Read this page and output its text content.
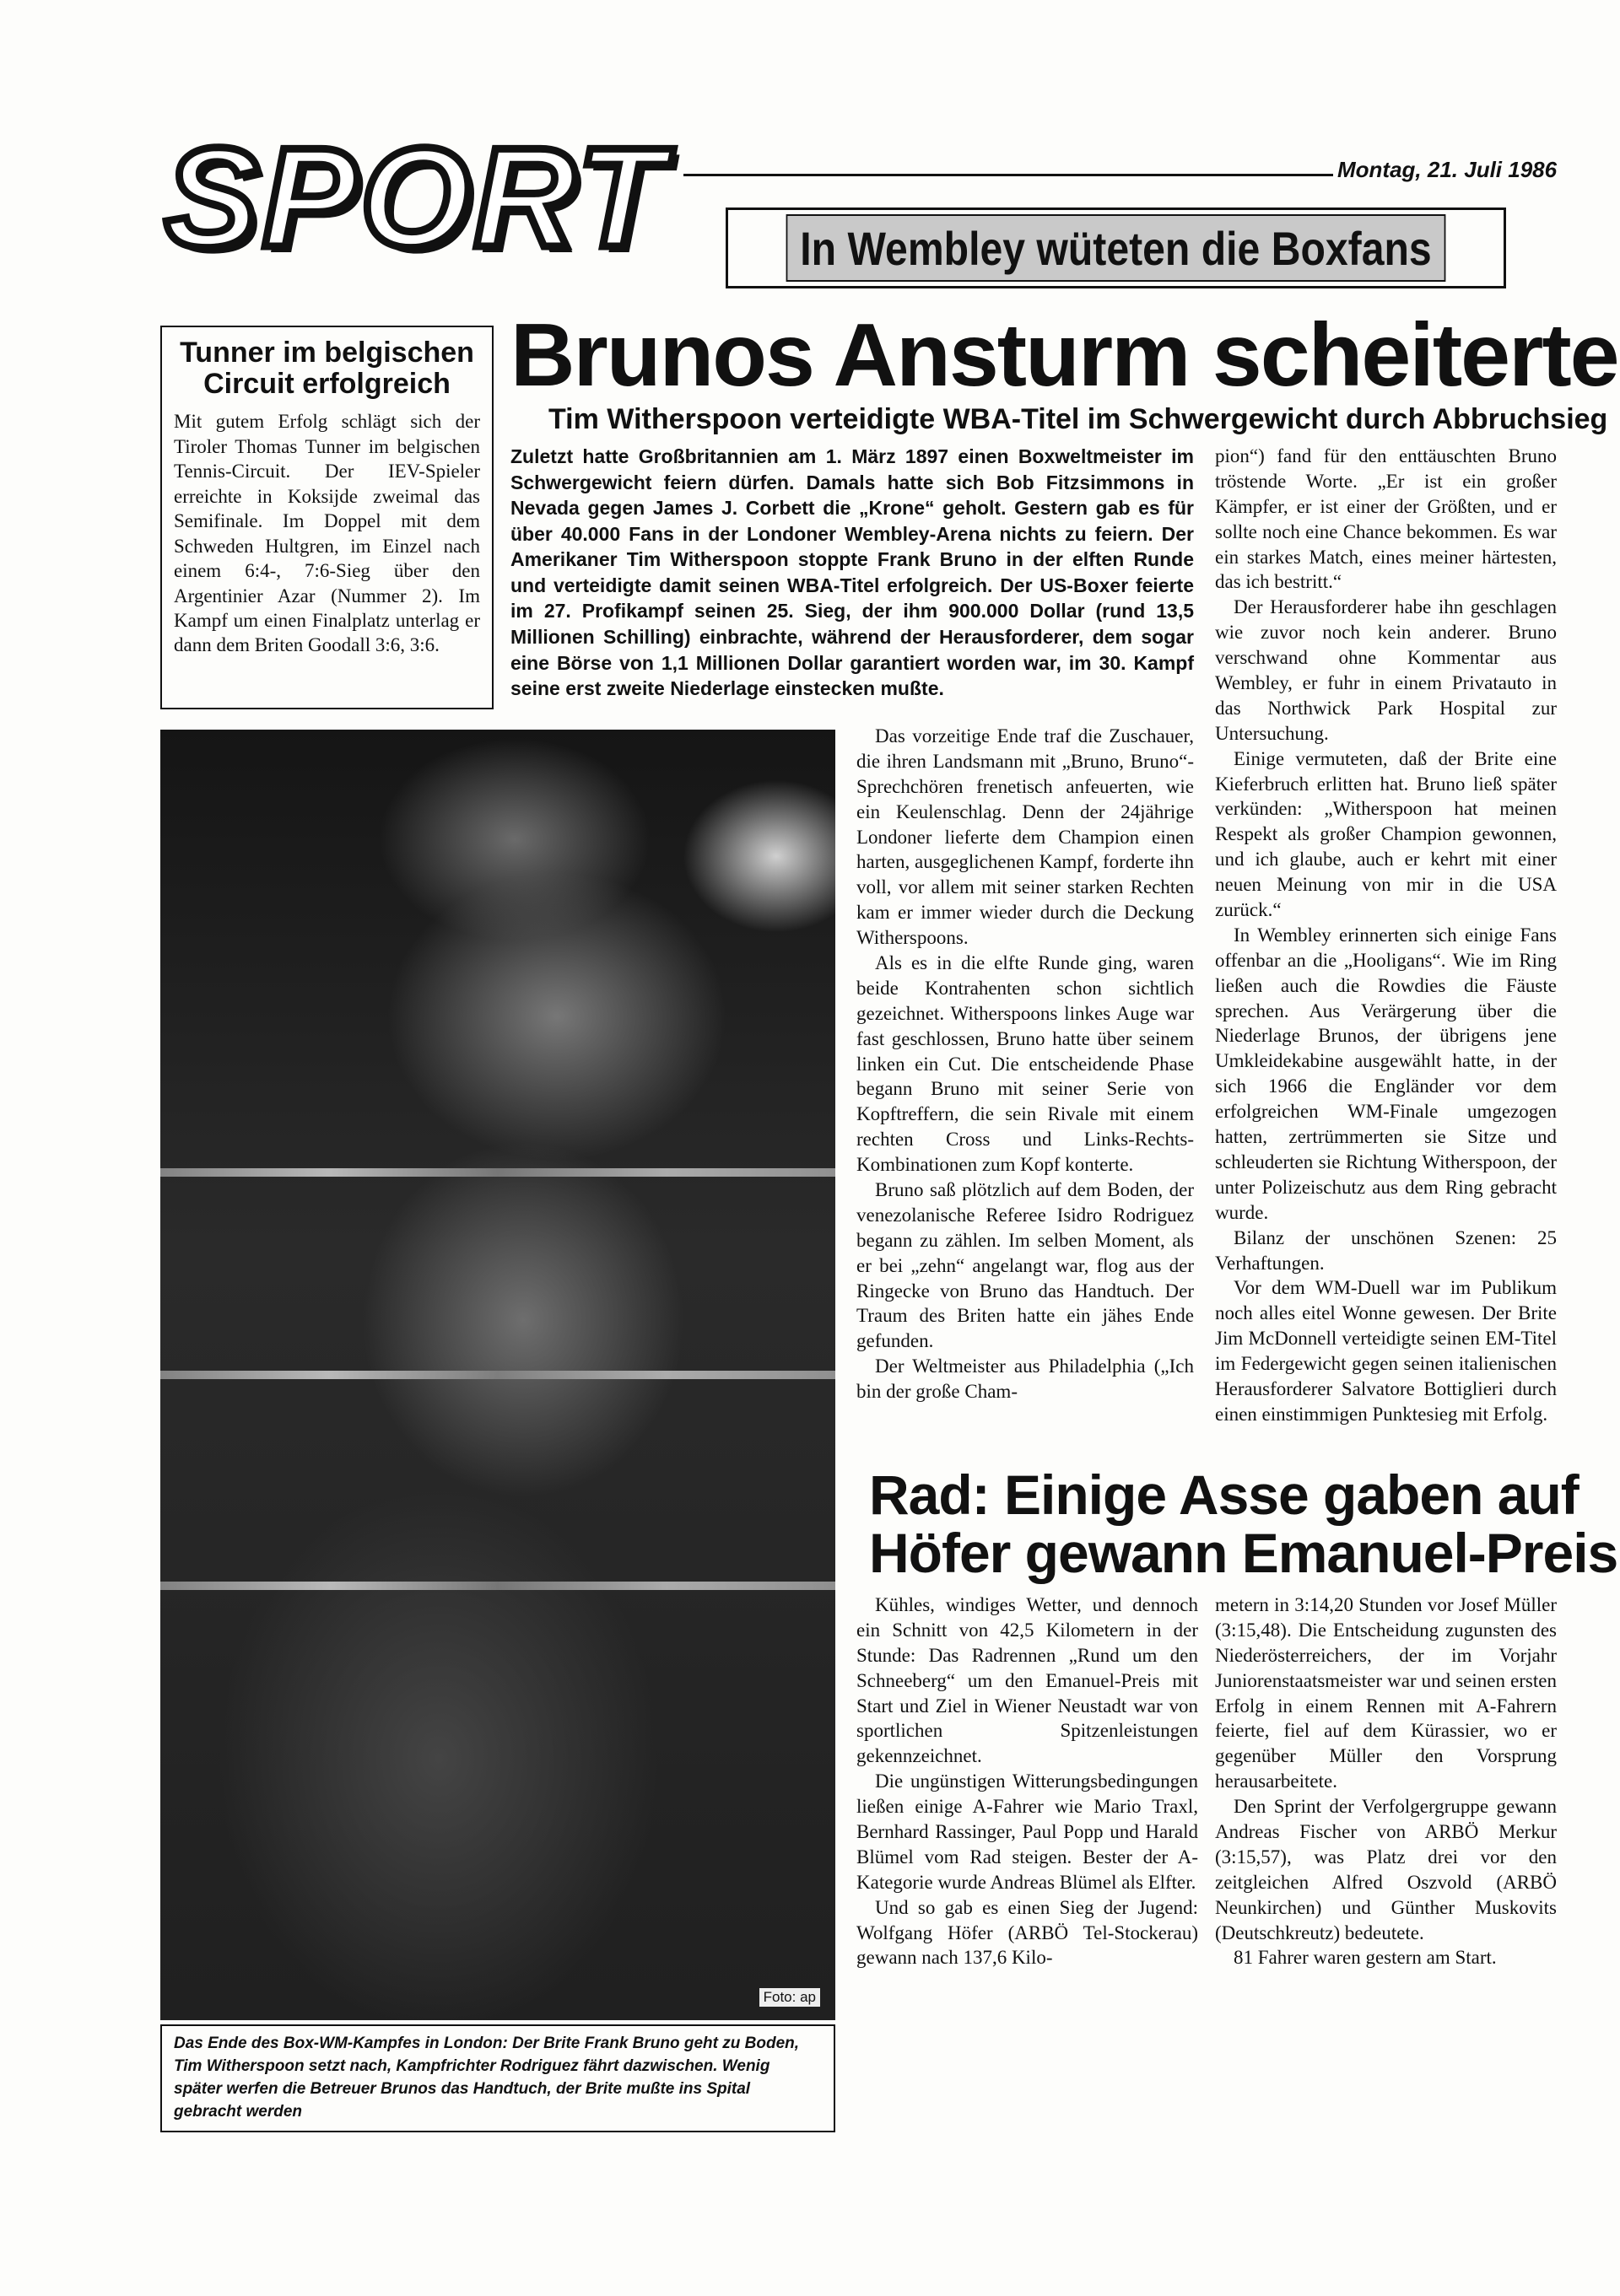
SPORT	Montag, 21. Juli 1986
In Wembley wüteten die Boxfans
Tunner im belgischen Circuit erfolgreich
Mit gutem Erfolg schlägt sich der Tiroler Thomas Tunner im belgischen Tennis-Circuit. Der IEV-Spieler erreichte in Koksijde zweimal das Semifinale. Im Doppel mit dem Schweden Hultgren, im Einzel nach einem 6:4-, 7:6-Sieg über den Argentinier Azar (Nummer 2). Im Kampf um einen Finalplatz unterlag er dann dem Briten Goodall 3:6, 3:6.
Brunos Ansturm scheiterte
Tim Witherspoon verteidigte WBA-Titel im Schwergewicht durch Abbruchsieg
Zuletzt hatte Großbritannien am 1. März 1897 einen Boxweltmeister im Schwergewicht feiern dürfen. Damals hatte sich Bob Fitzsimmons in Nevada gegen James J. Corbett die „Krone“ geholt. Gestern gab es für über 40.000 Fans in der Londoner Wembley-Arena nichts zu feiern. Der Amerikaner Tim Witherspoon stoppte Frank Bruno in der elften Runde und verteidigte damit seinen WBA-Titel erfolgreich. Der US-Boxer feierte im 27. Profikampf seinen 25. Sieg, der ihm 900.000 Dollar (rund 13,5 Millionen Schilling) einbrachte, während der Herausforderer, dem sogar eine Börse von 1,1 Millionen Dollar garantiert worden war, im 30. Kampf seine erst zweite Niederlage einstecken mußte.

Das vorzeitige Ende traf die Zuschauer, die ihren Landsmann mit „Bruno, Bruno“-Sprechchören frenetisch anfeuerten, wie ein Keulenschlag. Denn der 24jährige Londoner lieferte dem Champion einen harten, ausgeglichenen Kampf, forderte ihn voll, vor allem mit seiner starken Rechten kam er immer wieder durch die Deckung Witherspoons.

Als es in die elfte Runde ging, waren beide Kontrahenten schon sichtlich gezeichnet. Witherspoons linkes Auge war fast geschlossen, Bruno hatte über seinem linken ein Cut. Die entscheidende Phase begann Bruno mit seiner Serie von Kopftreffern, die sein Rivale mit einem rechten Cross und Links-Rechts-Kombinationen zum Kopf konterte.

Bruno saß plötzlich auf dem Boden, der venezolanische Referee Isidro Rodriguez begann zu zählen. Im selben Moment, als er bei „zehn“ angelangt war, flog aus der Ringecke von Bruno das Handtuch. Der Traum des Briten hatte ein jähes Ende gefunden.

Der Weltmeister aus Philadelphia („Ich bin der große Cham-

pion“) fand für den enttäuschten Bruno tröstende Worte. „Er ist ein großer Kämpfer, er ist einer der Größten, und er sollte noch eine Chance bekommen. Es war ein starkes Match, eines meiner härtesten, das ich bestritt.“

Der Herausforderer habe ihn geschlagen wie zuvor noch kein anderer. Bruno verschwand ohne Kommentar aus Wembley, er fuhr in einem Privatauto in das Northwick Park Hospital zur Untersuchung.

Einige vermuteten, daß der Brite eine Kieferbruch erlitten hat. Bruno ließ später verkünden: „Witherspoon hat meinen Respekt als großer Champion gewonnen, und ich glaube, auch er kehrt mit einer neuen Meinung von mir in die USA zurück.“

In Wembley erinnerten sich einige Fans offenbar an die „Hooligans“. Wie im Ring ließen auch die Rowdies die Fäuste sprechen. Aus Verärgerung über die Niederlage Brunos, der übrigens jene Umkleidekabine ausgewählt hatte, in der sich 1966 die Engländer vor dem erfolgreichen WM-Finale umgezogen hatten, zertrümmerten sie Sitze und schleuderten sie Richtung Witherspoon, der unter Polizeischutz aus dem Ring gebracht wurde.

Bilanz der unschönen Szenen: 25 Verhaftungen.

Vor dem WM-Duell war im Publikum noch alles eitel Wonne gewesen. Der Brite Jim McDonnell verteidigte seinen EM-Titel im Federgewicht gegen seinen italienischen Herausforderer Salvatore Bottiglieri durch einen einstimmigen Punktesieg mit Erfolg.

Foto: ap
Das Ende des Box-WM-Kampfes in London: Der Brite Frank Bruno geht zu Boden, Tim Witherspoon setzt nach, Kampfrichter Rodriguez fährt dazwischen. Wenig später werfen die Betreuer Brunos das Handtuch, der Brite mußte ins Spital gebracht werden
Rad: Einige Asse gaben auf
Höfer gewann Emanuel-Preis

Kühles, windiges Wetter, und dennoch ein Schnitt von 42,5 Kilometern in der Stunde: Das Radrennen „Rund um den Schneeberg“ um den Emanuel-Preis mit Start und Ziel in Wiener Neustadt war von sportlichen Spitzenleistungen gekennzeichnet.

Die ungünstigen Witterungsbedingungen ließen einige A-Fahrer wie Mario Traxl, Bernhard Rassinger, Paul Popp und Harald Blümel vom Rad steigen. Bester der A-Kategorie wurde Andreas Blümel als Elfter.

Und so gab es einen Sieg der Jugend: Wolfgang Höfer (ARBÖ Tel-Stockerau) gewann nach 137,6 Kilo-

metern in 3:14,20 Stunden vor Josef Müller (3:15,48). Die Entscheidung zugunsten des Niederösterreichers, der im Vorjahr Juniorenstaatsmeister war und seinen ersten Erfolg in einem Rennen mit A-Fahrern feierte, fiel auf dem Kürassier, wo er gegenüber Müller den Vorsprung herausarbeitete.

Den Sprint der Verfolgergruppe gewann Andreas Fischer von ARBÖ Merkur (3:15,57), was Platz drei vor den zeitgleichen Alfred Oszvold (ARBÖ Neunkirchen) und Günther Muskovits (Deutschkreutz) bedeutete.

81 Fahrer waren gestern am Start.
